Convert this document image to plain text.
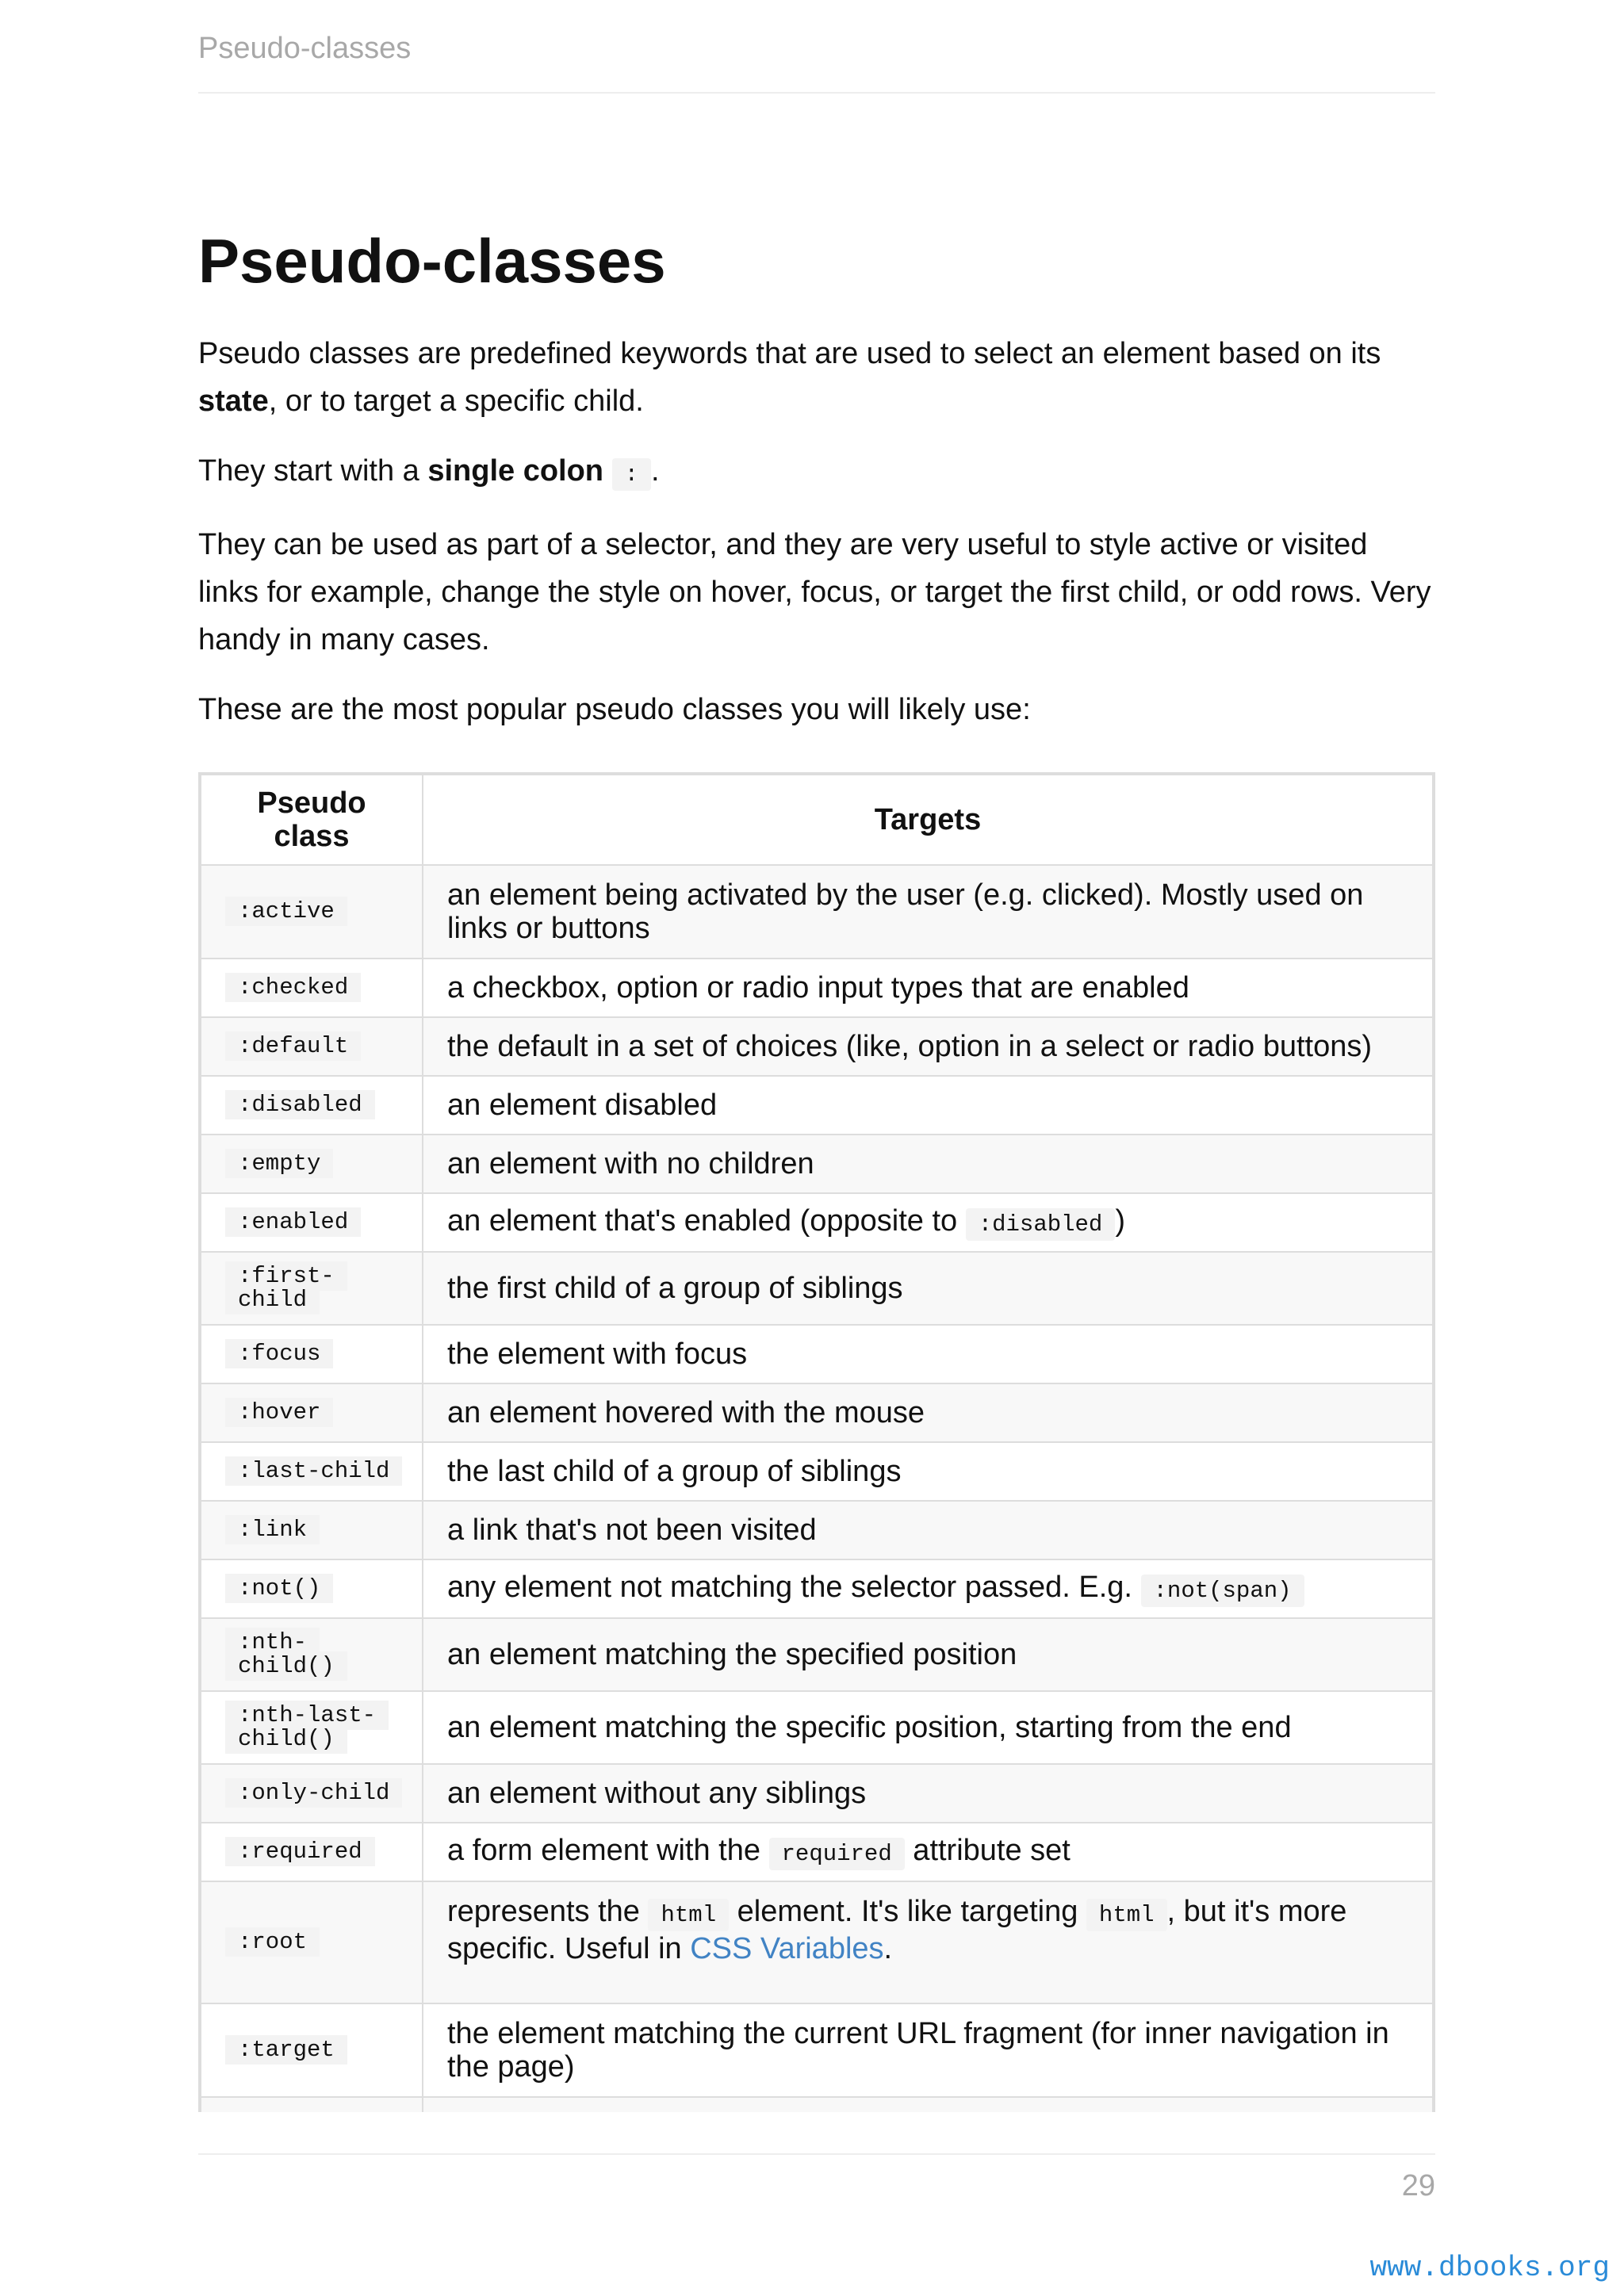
Pseudo-classes
Pseudo-classes

Pseudo classes are predefined keywords that are used to select an element based on its state, or to target a specific child.

They start with a single colon : .

They can be used as part of a selector, and they are very useful to style active or visited links for example, change the style on hover, focus, or target the first child, or odd rows. Very handy in many cases.

These are the most popular pseudo classes you will likely use:

Pseudo class	Targets

:active	an element being activated by the user (e.g. clicked). Mostly used on links or buttons

:checked	a checkbox, option or radio input types that are enabled

:default	the default in a set of choices (like, option in a select or radio buttons)

:disabled	an element disabled

:empty	an element with no children

:enabled	an element that's enabled (opposite to :disabled )

:first-child	the first child of a group of siblings

:focus	the element with focus

:hover	an element hovered with the mouse

:last-child	the last child of a group of siblings

:link	a link that's not been visited

:not()	any element not matching the selector passed. E.g. :not(span)

:nth-child()	an element matching the specified position

:nth-last-child()	an element matching the specific position, starting from the end

:only-child	an element without any siblings

:required	a form element with the required attribute set

:root	represents the html element. It's like targeting html , but it's more specific. Useful in CSS Variables.

:target	the element matching the current URL fragment (for inner navigation in the page)

29
www.dbooks.org
